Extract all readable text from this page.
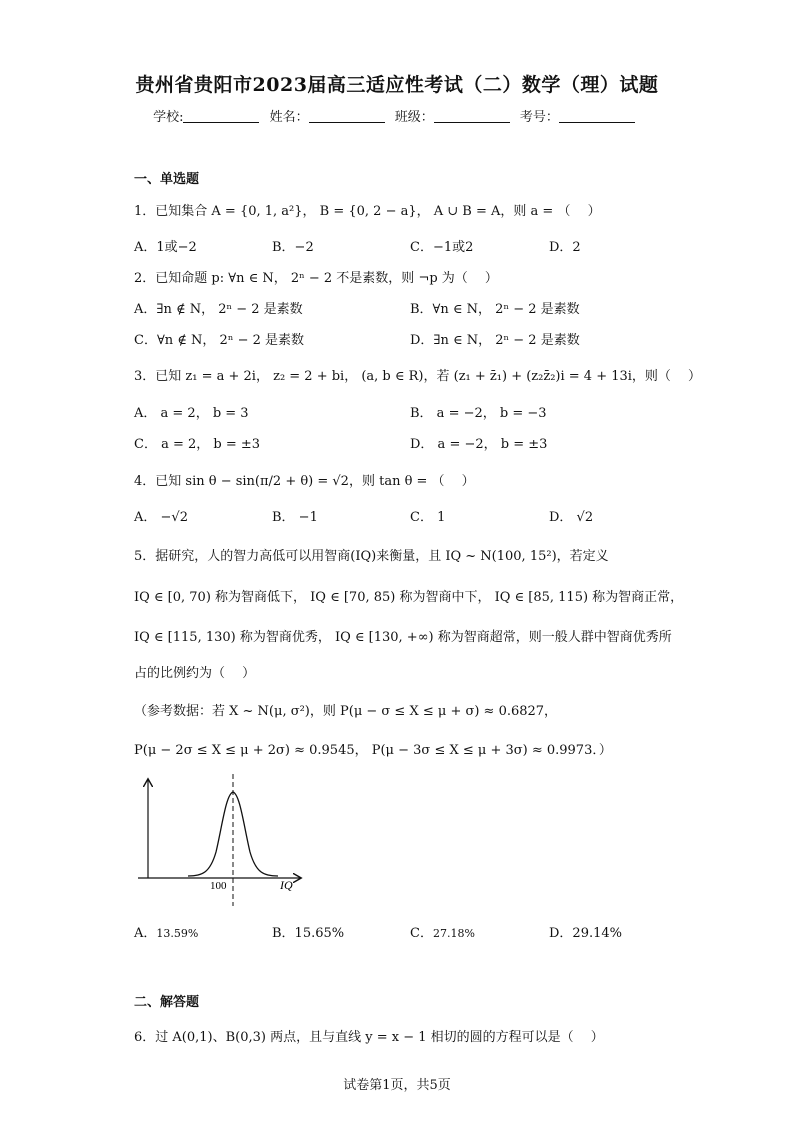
贵州省贵阳市2023届高三适应性考试（二）数学（理）试题
学校:	姓名：	班级：	考号：
一、单选题
1．已知集合 A = {0, 1, a²}， B = {0, 2 − a}， A ∪ B = A，则 a = （　 ）
A．1或−2	B．−2	C．−1或2	D．2
2．已知命题 p: ∀n ∈ N， 2ⁿ − 2 不是素数，则 ¬p 为（　 ）
A．∃n ∉ N， 2ⁿ − 2 是素数	B．∀n ∈ N， 2ⁿ − 2 是素数
C．∀n ∉ N， 2ⁿ − 2 是素数	D．∃n ∈ N， 2ⁿ − 2 是素数
3．已知 z₁ = a + 2i， z₂ = 2 + bi， (a, b ∈ R)，若 (z₁ + z̄₁) + (z₂z̄₂)i = 4 + 13i，则（　 ）
A． a = 2， b = 3	B． a = −2， b = −3
C． a = 2， b = ±3	D． a = −2， b = ±3
4．已知 sin θ − sin(π/2 + θ) = √2，则 tan θ = （　 ）
A． −√2	B． −1	C． 1	D． √2
5．据研究，人的智力高低可以用智商(IQ)来衡量，且 IQ ~ N(100, 15²)，若定义
IQ ∈ [0, 70) 称为智商低下， IQ ∈ [70, 85) 称为智商中下， IQ ∈ [85, 115) 称为智商正常，
IQ ∈ [115, 130) 称为智商优秀， IQ ∈ [130, +∞) 称为智商超常，则一般人群中智商优秀所
占的比例约为（　 ）
（参考数据：若 X ~ N(μ, σ²)，则 P(μ − σ ≤ X ≤ μ + σ) ≈ 0.6827，
P(μ − 2σ ≤ X ≤ μ + 2σ) ≈ 0.9545， P(μ − 3σ ≤ X ≤ μ + 3σ) ≈ 0.9973．）
100	IQ
A．13.59%	B．15.65%	C．27.18%	D．29.14%
二、解答题
6．过 A(0,1)、B(0,3) 两点，且与直线 y = x − 1 相切的圆的方程可以是（　 ）
试卷第1页，共5页
